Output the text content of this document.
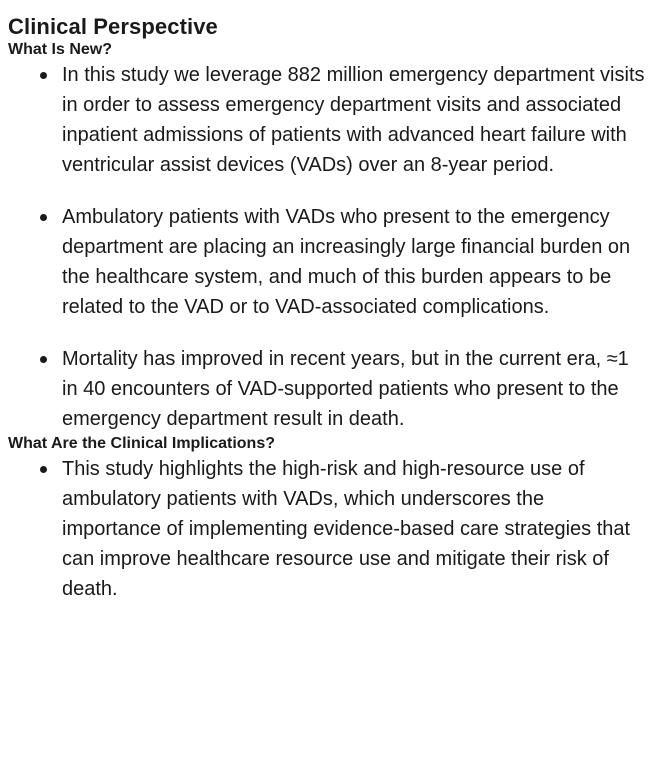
Clinical Perspective
What Is New?
In this study we leverage 882 million emergency department visits in order to assess emergency department visits and associated inpatient admissions of patients with advanced heart failure with ventricular assist devices (VADs) over an 8-year period.
Ambulatory patients with VADs who present to the emergency department are placing an increasingly large financial burden on the healthcare system, and much of this burden appears to be related to the VAD or to VAD-associated complications.
Mortality has improved in recent years, but in the current era, ≈1 in 40 encounters of VAD-supported patients who present to the emergency department result in death.
What Are the Clinical Implications?
This study highlights the high-risk and high-resource use of ambulatory patients with VADs, which underscores the importance of implementing evidence-based care strategies that can improve healthcare resource use and mitigate their risk of death.
